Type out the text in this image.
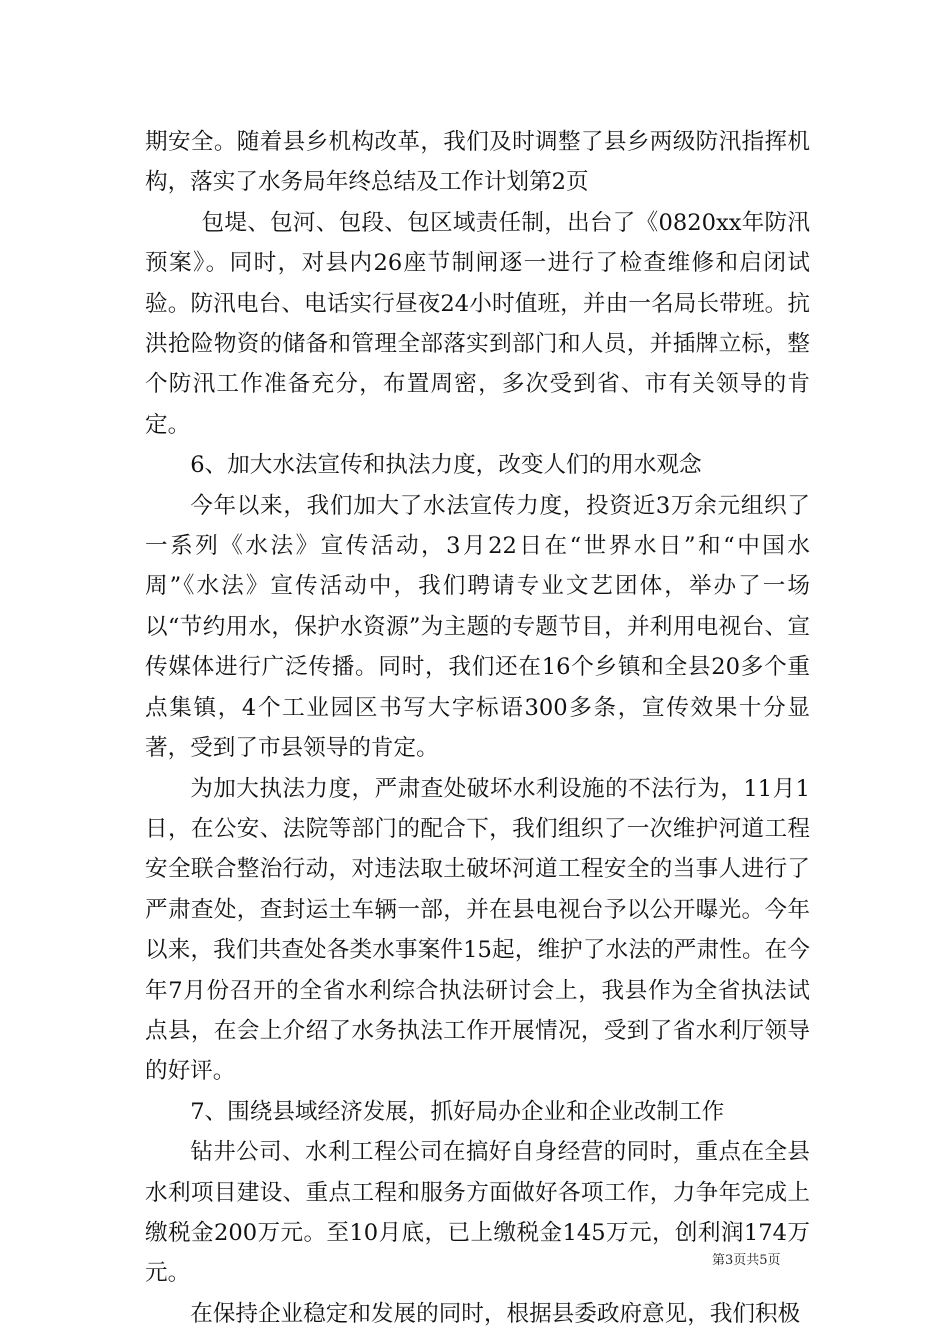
期安全。随着县乡机构改革，我们及时调整了县乡两级防汛指挥机构，落实了水务局年终总结及工作计划第2页

包堤、包河、包段、包区域责任制，出台了《0820xx年防汛预案》。同时，对县内26座节制闸逐一进行了检查维修和启闭试验。防汛电台、电话实行昼夜24小时值班，并由一名局长带班。抗洪抢险物资的储备和管理全部落实到部门和人员，并插牌立标，整个防汛工作准备充分，布置周密，多次受到省、市有关领导的肯定。

6、加大水法宣传和执法力度，改变人们的用水观念

今年以来，我们加大了水法宣传力度，投资近3万余元组织了一系列《水法》宣传活动，3月22日在“世界水日”和“中国水周”《水法》宣传活动中，我们聘请专业文艺团体，举办了一场以“节约用水，保护水资源”为主题的专题节目，并利用电视台、宣传媒体进行广泛传播。同时，我们还在16个乡镇和全县20多个重点集镇，4个工业园区书写大字标语300多条，宣传效果十分显著，受到了市县领导的肯定。

为加大执法力度，严肃查处破坏水利设施的不法行为，11月1日，在公安、法院等部门的配合下，我们组织了一次维护河道工程安全联合整治行动，对违法取土破坏河道工程安全的当事人进行了严肃查处，查封运土车辆一部，并在县电视台予以公开曝光。今年以来，我们共查处各类水事案件15起，维护了水法的严肃性。在今年7月份召开的全省水利综合执法研讨会上，我县作为全省执法试点县，在会上介绍了水务执法工作开展情况，受到了省水利厅领导的好评。

7、围绕县域经济发展，抓好局办企业和企业改制工作

钻井公司、水利工程公司在搞好自身经营的同时，重点在全县水利项目建设、重点工程和服务方面做好各项工作，力争年完成上缴税金200万元。至10月底，已上缴税金145万元，创利润174万元。

在保持企业稳定和发展的同时，根据县委政府意见，我们积极

第3页共5页
